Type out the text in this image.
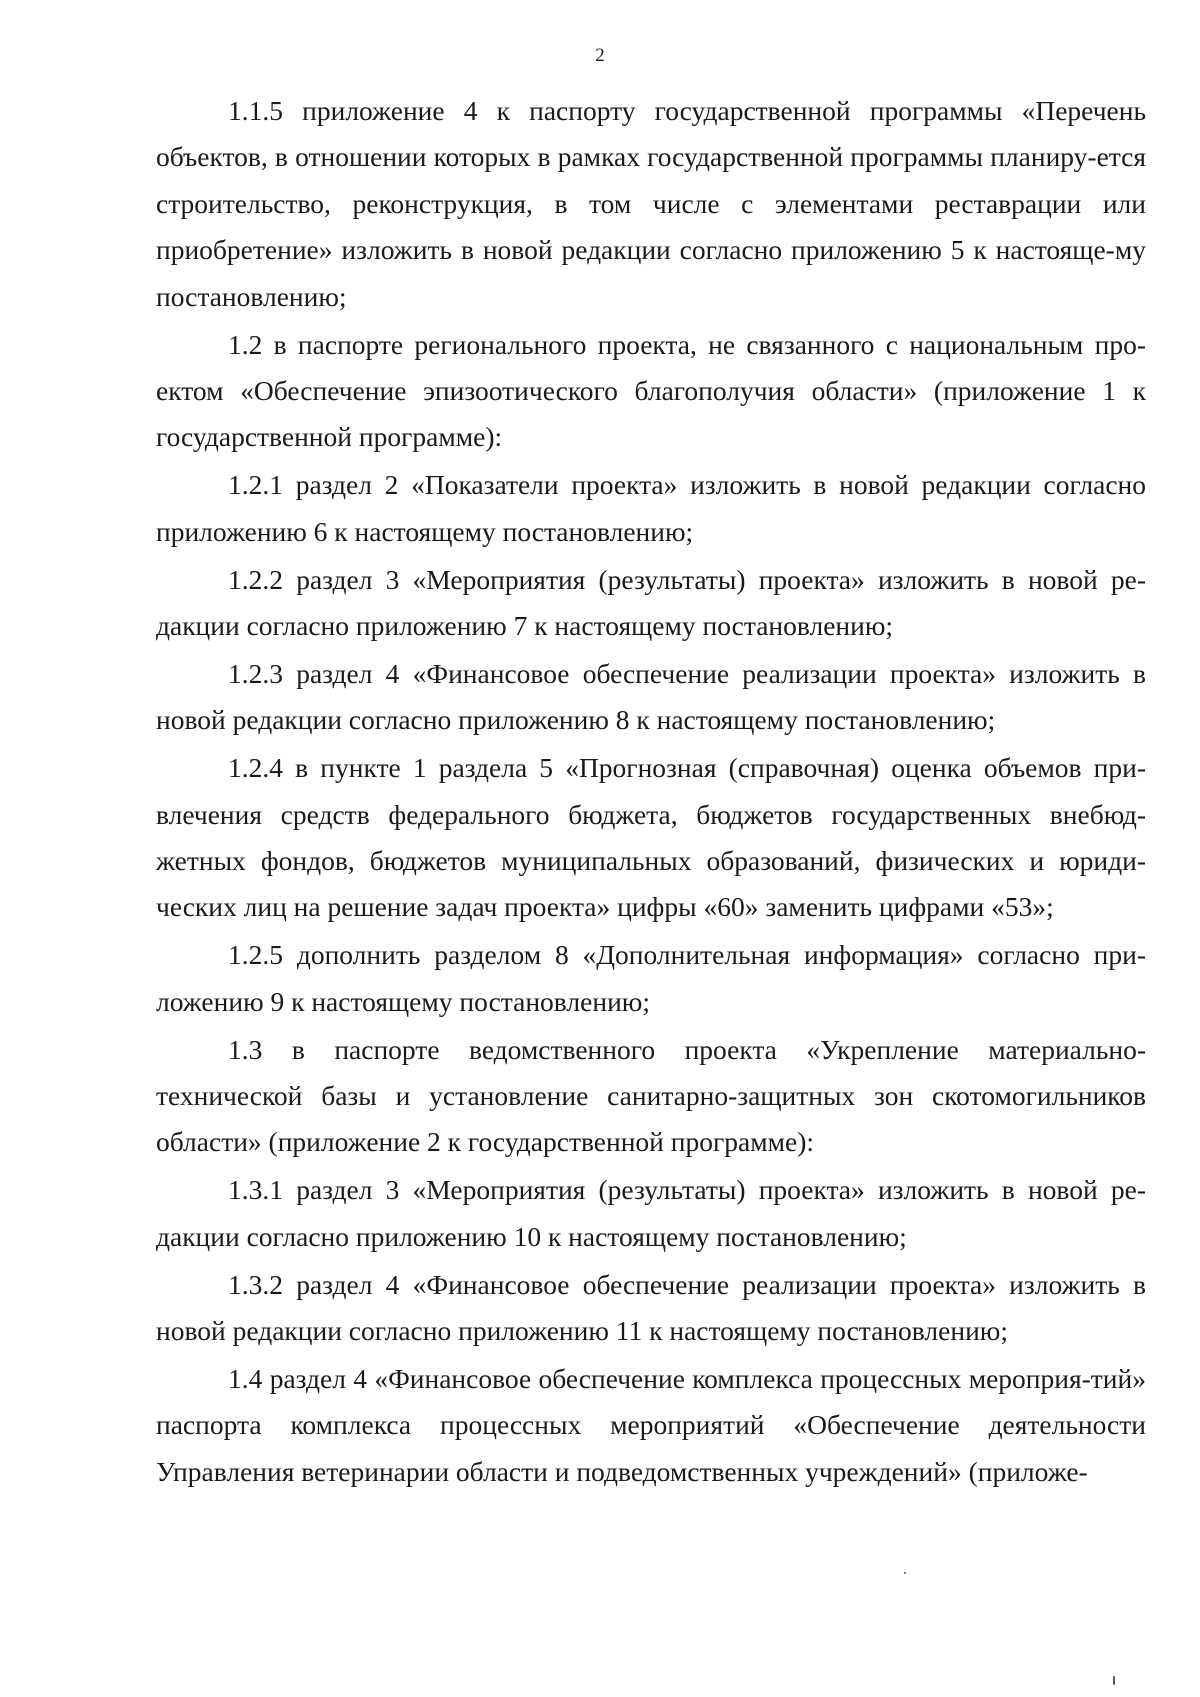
2

1.1.5 приложение 4 к паспорту государственной программы «Перечень объектов, в отношении которых в рамках государственной программы планиру-ется строительство, реконструкция, в том числе с элементами реставрации или приобретение» изложить в новой редакции согласно приложению 5 к настояще-му постановлению;

1.2 в паспорте регионального проекта, не связанного с национальным про-ектом «Обеспечение эпизоотического благополучия области» (приложение 1 к государственной программе):

1.2.1 раздел 2 «Показатели проекта» изложить в новой редакции согласно приложению 6 к настоящему постановлению;

1.2.2 раздел 3 «Мероприятия (результаты) проекта» изложить в новой ре-дакции согласно приложению 7 к настоящему постановлению;

1.2.3 раздел 4 «Финансовое обеспечение реализации проекта» изложить в новой редакции согласно приложению 8 к настоящему постановлению;

1.2.4 в пункте 1 раздела 5 «Прогнозная (справочная) оценка объемов при-влечения средств федерального бюджета, бюджетов государственных внебюд-жетных фондов, бюджетов муниципальных образований, физических и юриди-ческих лиц на решение задач проекта» цифры «60» заменить цифрами «53»;

1.2.5 дополнить разделом 8 «Дополнительная информация» согласно при-ложению 9 к настоящему постановлению;

1.3 в паспорте ведомственного проекта «Укрепление материально-технической базы и установление санитарно-защитных зон скотомогильников области» (приложение 2 к государственной программе):

1.3.1 раздел 3 «Мероприятия (результаты) проекта» изложить в новой ре-дакции согласно приложению 10 к настоящему постановлению;

1.3.2 раздел 4 «Финансовое обеспечение реализации проекта» изложить в новой редакции согласно приложению 11 к настоящему постановлению;

1.4 раздел 4 «Финансовое обеспечение комплекса процессных мероприя-тий» паспорта комплекса процессных мероприятий «Обеспечение деятельности Управления ветеринарии области и подведомственных учреждений» (приложе-
